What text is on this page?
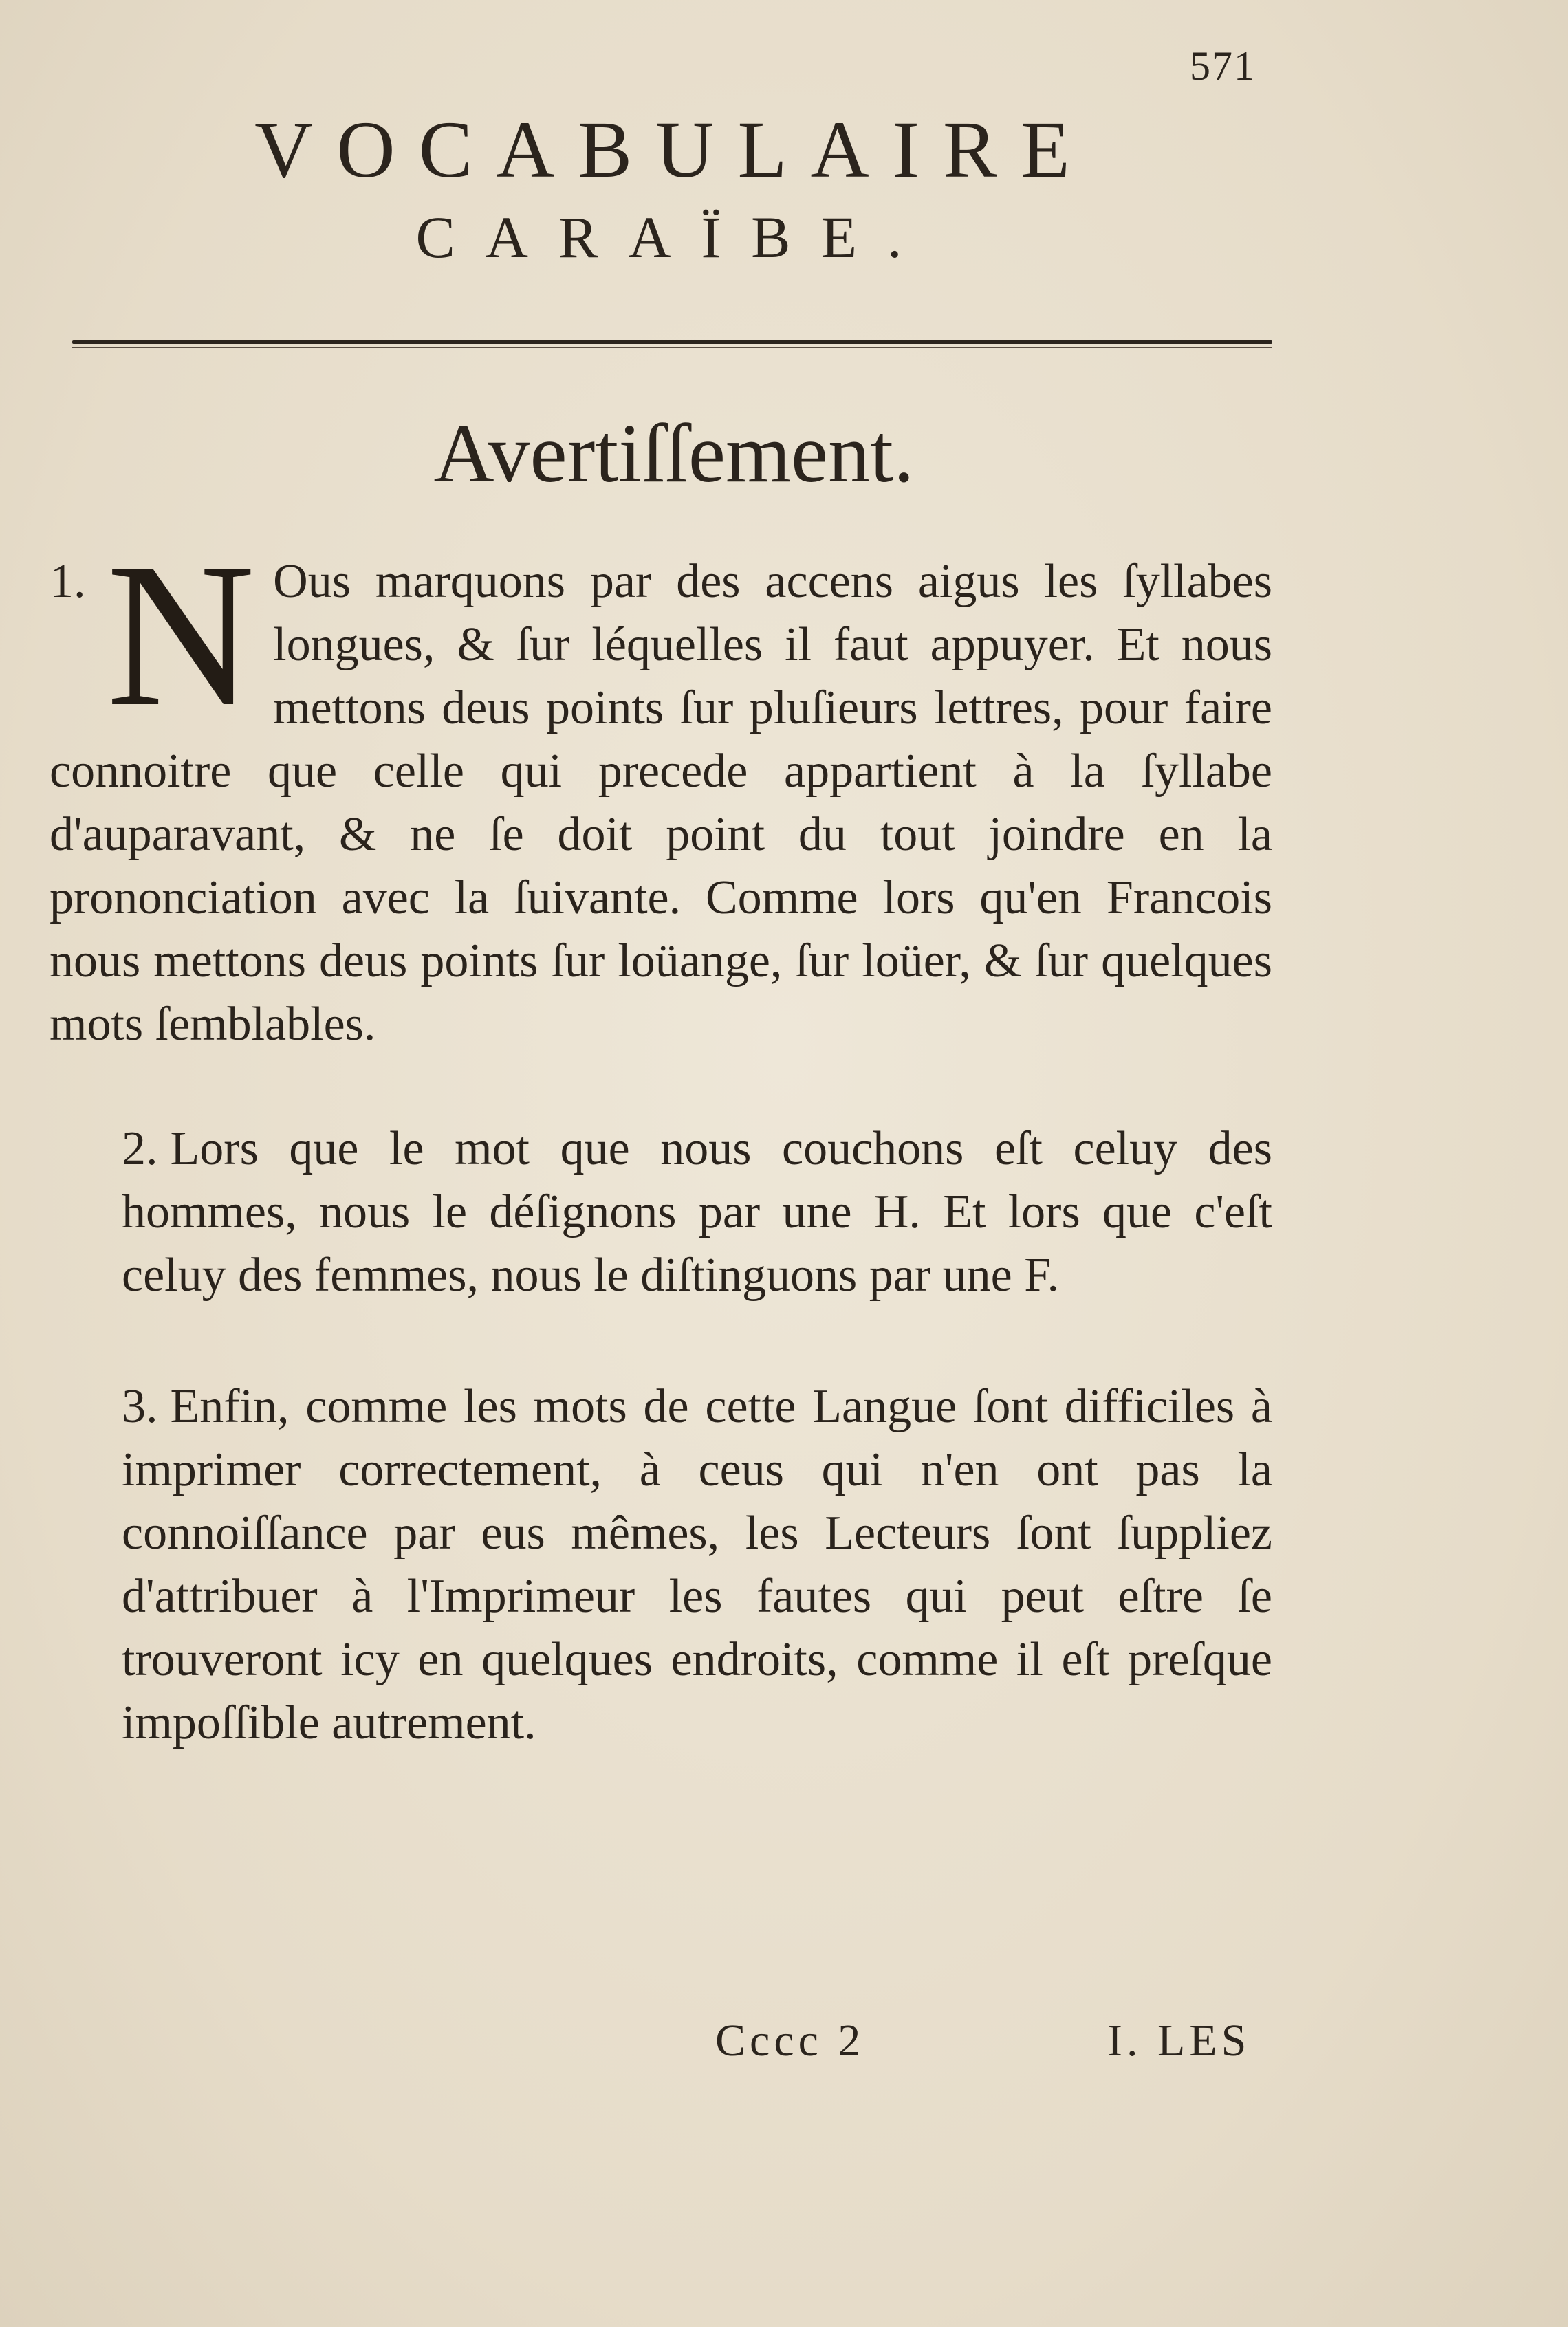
571
VOCABULAIRE
CARAÏBE.
Avertiſſement.
1. N Ous marquons par des accens aigus les ſyllabes longues, & ſur léquelles il faut appuyer. Et nous mettons deus points ſur pluſieurs lettres, pour faire connoitre que celle qui precede appartient à la ſyllabe d'auparavant, & ne ſe doit point du tout joindre en la prononciation avec la ſuivante. Comme lors qu'en Francois nous mettons deus points ſur loüange, ſur loüer, & ſur quelques mots ſemblables.

2. Lors que le mot que nous couchons eſt celuy des hommes, nous le déſignons par une H. Et lors que c'eſt celuy des femmes, nous le diſtinguons par une F.

3. Enfin, comme les mots de cette Langue ſont difficiles à imprimer correctement, à ceus qui n'en ont pas la connoiſſance par eus mêmes, les Lecteurs ſont ſuppliez d'attribuer à l'Imprimeur les fautes qui peut eſtre ſe trouveront icy en quelques endroits, comme il eſt preſque impoſſible autrement.

Cccc 2	I. LES
